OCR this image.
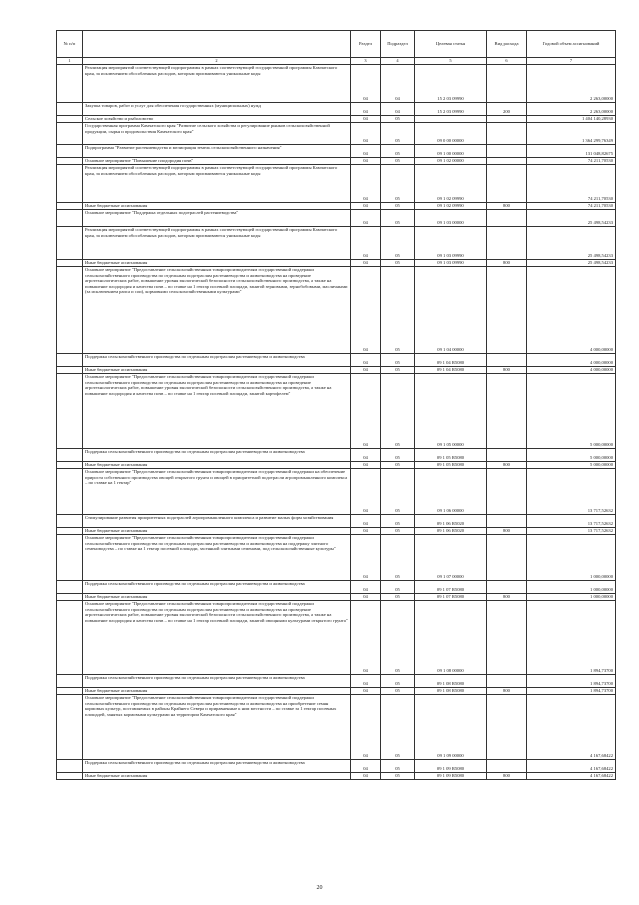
№ п/п		Раздел	Подраздел	Целевая статья	Вид расхода	Годовой объем ассигнований
1	2	3	4	5	6	7
	Реализация мероприятий соответствующей подпрограммы в рамках соответствующей государственной программы Камчатского края, за исключением обособленных расходов, которым присваиваются уникальные коды	04	04	15 2 03 09990		2 263,00000
	Закупка товаров, работ и услуг для обеспечения государственных (муниципальных) нужд	04	04	15 2 03 09990	200	2 263,00000
	Сельское хозяйство и рыболовство	04	05			1 404 140,28930
	Государственная программа Камчатского края "Развитие сельского хозяйства и регулирование рынков сельскохозяйственной продукции, сырья и продовольствия Камчатского края"	04	05	09 0 00 00000		1 364 299,76349
	Подпрограмма "Развитие растениеводства и мелиорация земель сельскохозяйственного назначения"	04	05	09 1 00 00000		131 048,82675
	Основное мероприятие "Повышение плодородия почв"	04	05	09 1 02 00000		74 211,70530
	Реализация мероприятий соответствующей подпрограммы в рамках соответствующей государственной программы Камчатского края, за исключением обособленных расходов, которым присваиваются уникальные коды	04	05	09 1 02 09990		74 211,70530
	Иные бюджетные ассигнования	04	05	09 1 02 09990	800	74 211,70530
	Основное мероприятие "Поддержка отдельных подотраслей растениеводства"	04	05	09 1 03 00000		25 498,54233
	Реализация мероприятий соответствующей подпрограммы в рамках соответствующей государственной программы Камчатского края, за исключением обособленных расходов, которым присваиваются уникальные коды	04	05	09 1 03 09990		25 498,54233
	Иные бюджетные ассигнования	04	05	09 1 03 09990	800	25 498,54233
	Основное мероприятие "Предоставление сельскохозяйственным товаропроизводителям государственной поддержки сельскохозяйственного производства по отдельным подотраслям растениеводства и животноводства на проведение агротехнологических работ, повышение уровня экологической безопасности сельскохозяйственного производства, а также на повышение плодородия и качества почв – по ставке на 1 гектар посевной площади, занятой зерновыми, зернобобовыми, масличными (за исключением рапса и сои), кормовыми сельскохозяйственными культурами"	04	05	09 1 04 00000		4 000,00000
	Поддержка сельскохозяйственного производства по отдельным подотраслям растениеводства и животноводства	04	05	09 1 04 R5080		4 000,00000
	Иные бюджетные ассигнования	04	05	09 1 04 R5080	800	4 000,00000
	Основное мероприятие "Предоставление сельскохозяйственным товаропроизводителям государственной поддержки сельскохозяйственного производства по отдельным подотраслям растениеводства и животноводства на проведение агротехнологических работ, повышение уровня экологической безопасности сельскохозяйственного производства, а также на повышение плодородия и качества почв – по ставке на 1 гектар посевной площади, занятой картофелем"	04	05	09 1 05 00000		5 000,00000
	Поддержка сельскохозяйственного производства по отдельным подотраслям растениеводства и животноводства	04	05	09 1 05 R5080		5 000,00000
	Иные бюджетные ассигнования	04	05	09 1 05 R5080	800	5 000,00000
	Основное мероприятие "Предоставление сельскохозяйственным товаропроизводителям государственной поддержки на обеспечение прироста собственного производства овощей открытого грунта и овощей в приоритетной подотрасли агропромышленного комплекса – по ставке на 1 гектар"	04	05	09 1 06 00000		13 717,52632
	Стимулирование развития приоритетных подотраслей агропромышленного комплекса и развитие малых форм хозяйствования	04	05	09 1 06 R5020		13 717,52632
	Иные бюджетные ассигнования	04	05	09 1 06 R5020	800	13 717,52632
	Основное мероприятие "Предоставление сельскохозяйственным товаропроизводителям государственной поддержки сельскохозяйственного производства по отдельным подотраслям растениеводства и животноводства на поддержку элитного семеноводства – по ставке на 1 гектар посевной площади, засеянной элитными семенами, под сельскохозяйственные культуры"	04	05	09 1 07 00000		1 000,00000
	Поддержка сельскохозяйственного производства по отдельным подотраслям растениеводства и животноводства	04	05	09 1 07 R5080		1 000,00000
	Иные бюджетные ассигнования	04	05	09 1 07 R5080	800	1 000,00000
	Основное мероприятие "Предоставление сельскохозяйственным товаропроизводителям государственной поддержки сельскохозяйственного производства по отдельным подотраслям растениеводства и животноводства на проведение агротехнологических работ, повышение уровня экологической безопасности сельскохозяйственного производства, а также на повышение плодородия и качества почв – по ставке на 1 гектар посевной площади, занятой овощными культурами открытого грунта"	04	05	09 1 08 00000		1 894,73700
	Поддержка сельскохозяйственного производства по отдельным подотраслям растениеводства и животноводства	04	05	09 1 08 R5080		1 894,73700
	Иные бюджетные ассигнования	04	05	09 1 08 R5080	800	1 894,73700
	Основное мероприятие "Предоставление сельскохозяйственным товаропроизводителям государственной поддержки сельскохозяйственного производства по отдельным подотраслям растениеводства и животноводства на приобретение семян кормовых культур, поставляемых в районы Крайнего Севера и приравненные к ним местности – по ставке за 1 гектар посевных площадей, занятых кормовыми культурами на территории Камчатского края"	04	05	09 1 09 00000		4 167,68422
	Поддержка сельскохозяйственного производства по отдельным подотраслям растениеводства и животноводства	04	05	09 1 09 R5080		4 167,68422
	Иные бюджетные ассигнования	04	05	09 1 09 R5080	800	4 167,68422
20
